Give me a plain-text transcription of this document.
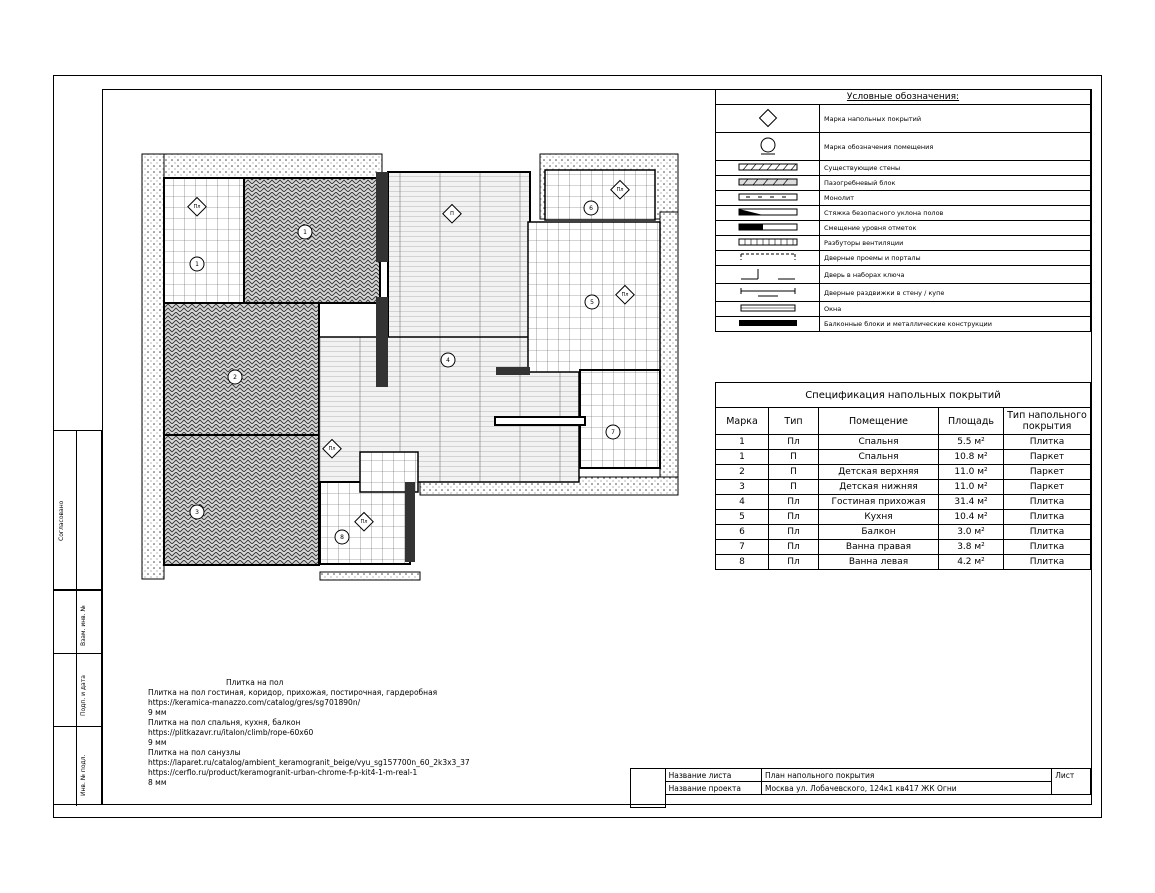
Согласовано
Взам. инв. №
Подп. и дата
Инв. № подл.
1
1
2
3
4
5
6
7
8
Пл
П
Пл
Пл
Пл
Пл
Условные обозначения:	
	Марка напольных покрытий
	Марка обозначения помещения
	Существующие стены
	Пазогребневый блок
	Монолит
	Стяжка безопасного уклона полов
	Смещение уровня отметок
	Разбуторы вентиляции
	Дверные проемы и порталы
	Дверь в наборах ключа
	Дверные раздвижки в стену / купе
	Окна
	Балконные блоки и металлические конструкции
Спецификация напольных покрытий				
Марка	Тип	Помещение	Площадь	Тип напольного покрытия
1	Пл	Спальня	5.5 м²	Плитка
1	П	Спальня	10.8 м²	Паркет
2	П	Детская верхняя	11.0 м²	Паркет
3	П	Детская нижняя	11.0 м²	Паркет
4	Пл	Гостиная прихожая	31.4 м²	Плитка
5	Пл	Кухня	10.4 м²	Плитка
6	Пл	Балкон	3.0 м²	Плитка
7	Пл	Ванна правая	3.8 м²	Плитка
8	Пл	Ванна левая	4.2 м²	Плитка
Плитка на пол
Плитка на пол гостиная, коридор, прихожая, постирочная, гардеробная
https://keramica-manazzo.com/catalog/gres/sg701890n/
9 мм
Плитка на пол спальня, кухня, балкон
https://plitkazavr.ru/italon/climb/rope-60x60
9 мм
Плитка на пол санузлы
https://laparet.ru/catalog/ambient_keramogranit_beige/vyu_sg157700n_60_2k3x3_37
https://cerflo.ru/product/keramogranit-urban-chrome-f-p-kit4-1-m-real-1
8 мм
	Название листа	План напольного покрытия	Лист
	Название проекта	Москва ул. Лобачевского, 124к1 кв417 ЖК Огни	
